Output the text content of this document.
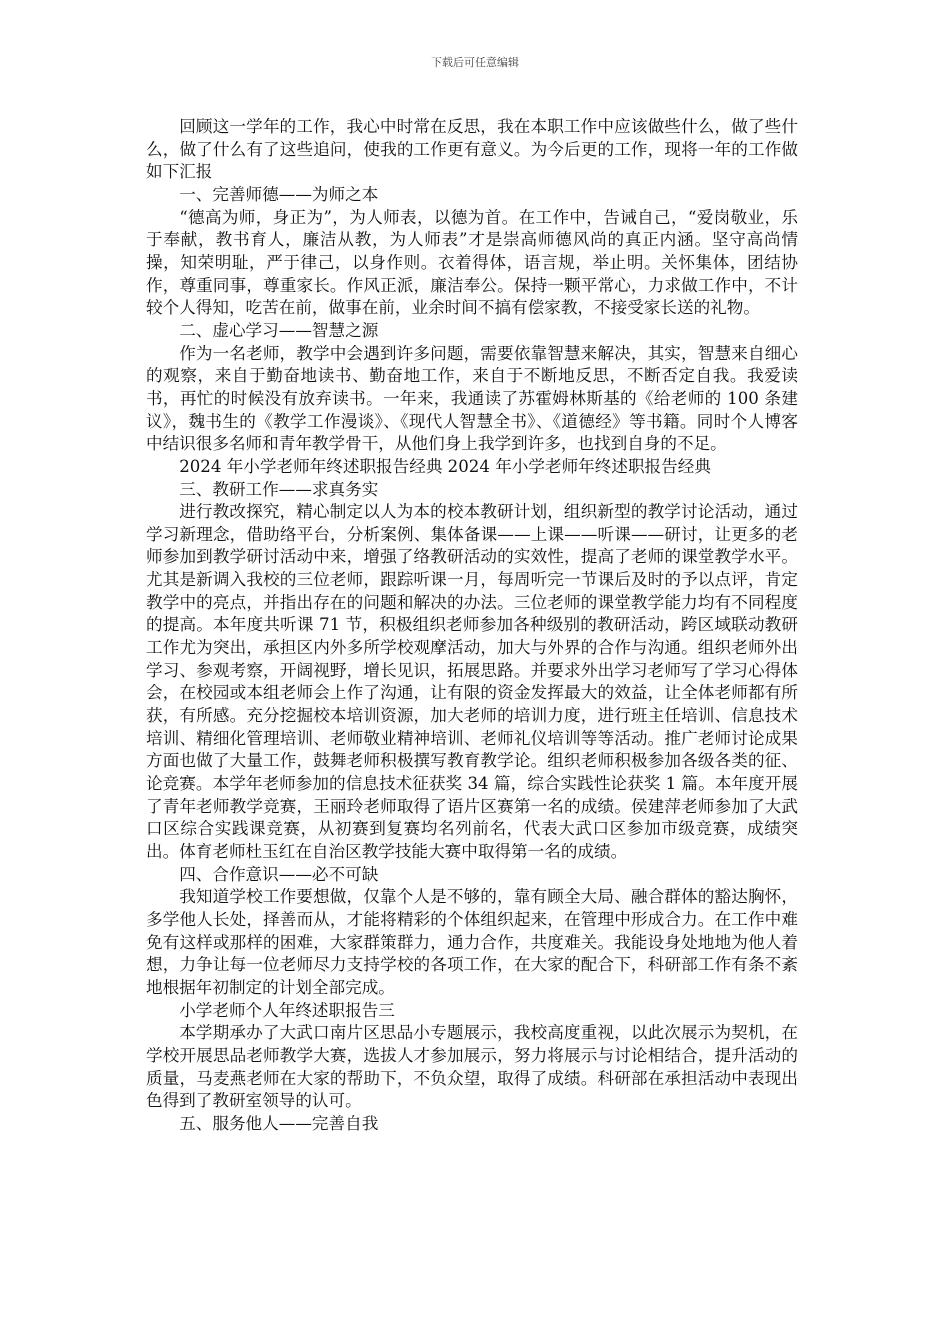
下载后可任意编辑

回顾这一学年的工作，我心中时常在反思，我在本职工作中应该做些什么，做了些什么，做了什么有了这些追问，使我的工作更有意义。为今后更的工作，现将一年的工作做如下汇报

一、完善师德——为师之本

“德高为师，身正为”，为人师表，以德为首。在工作中，告诫自己，“爱岗敬业，乐于奉献，教书育人，廉洁从教，为人师表”才是崇高师德风尚的真正内涵。坚守高尚情操，知荣明耻，严于律己，以身作则。衣着得体，语言规，举止明。关怀集体，团结协作，尊重同事，尊重家长。作风正派，廉洁奉公。保持一颗平常心，力求做工作中，不计较个人得知，吃苦在前，做事在前，业余时间不搞有偿家教，不接受家长送的礼物。

二、虚心学习——智慧之源

作为一名老师，教学中会遇到许多问题，需要依靠智慧来解决，其实，智慧来自细心的观察，来自于勤奋地读书、勤奋地工作，来自于不断地反思，不断否定自我。我爱读书，再忙的时候没有放弃读书。一年来，我通读了苏霍姆林斯基的《给老师的 100 条建议》，魏书生的《教学工作漫谈》、《现代人智慧全书》、《道德经》等书籍。同时个人博客中结识很多名师和青年教学骨干，从他们身上我学到许多，也找到自身的不足。

2024 年小学老师年终述职报告经典 2024 年小学老师年终述职报告经典

三、教研工作——求真务实

进行教改探究，精心制定以人为本的校本教研计划，组织新型的教学讨论活动，通过学习新理念，借助络平台，分析案例、集体备课——上课——听课——研讨，让更多的老师参加到教学研讨活动中来，增强了络教研活动的实效性，提高了老师的课堂教学水平。尤其是新调入我校的三位老师，跟踪听课一月，每周听完一节课后及时的予以点评，肯定教学中的亮点，并指出存在的问题和解决的办法。三位老师的课堂教学能力均有不同程度的提高。本年度共听课 71 节，积极组织老师参加各种级别的教研活动，跨区域联动教研工作尤为突出，承担区内外多所学校观摩活动，加大与外界的合作与沟通。组织老师外出学习、参观考察，开阔视野，增长见识，拓展思路。并要求外出学习老师写了学习心得体会，在校园或本组老师会上作了沟通，让有限的资金发挥最大的效益，让全体老师都有所获，有所感。充分挖掘校本培训资源，加大老师的培训力度，进行班主任培训、信息技术培训、精细化管理培训、老师敬业精神培训、老师礼仪培训等等活动。推广老师讨论成果方面也做了大量工作，鼓舞老师积极撰写教育教学论。组织老师积极参加各级各类的征、论竞赛。本学年老师参加的信息技术征获奖 34 篇，综合实践性论获奖 1 篇。本年度开展了青年老师教学竞赛，王丽玲老师取得了语片区赛第一名的成绩。侯建萍老师参加了大武口区综合实践课竞赛，从初赛到复赛均名列前名，代表大武口区参加市级竞赛，成绩突出。体育老师杜玉红在自治区教学技能大赛中取得第一名的成绩。

四、合作意识——必不可缺

我知道学校工作要想做，仅靠个人是不够的，靠有顾全大局、融合群体的豁达胸怀，多学他人长处，择善而从，才能将精彩的个体组织起来，在管理中形成合力。在工作中难免有这样或那样的困难，大家群策群力，通力合作，共度难关。我能设身处地地为他人着想，力争让每一位老师尽力支持学校的各项工作，在大家的配合下，科研部工作有条不紊地根据年初制定的计划全部完成。

小学老师个人年终述职报告三

本学期承办了大武口南片区思品小专题展示，我校高度重视，以此次展示为契机，在学校开展思品老师教学大赛，选拔人才参加展示，努力将展示与讨论相结合，提升活动的质量，马麦燕老师在大家的帮助下，不负众望，取得了成绩。科研部在承担活动中表现出色得到了教研室领导的认可。

五、服务他人——完善自我
